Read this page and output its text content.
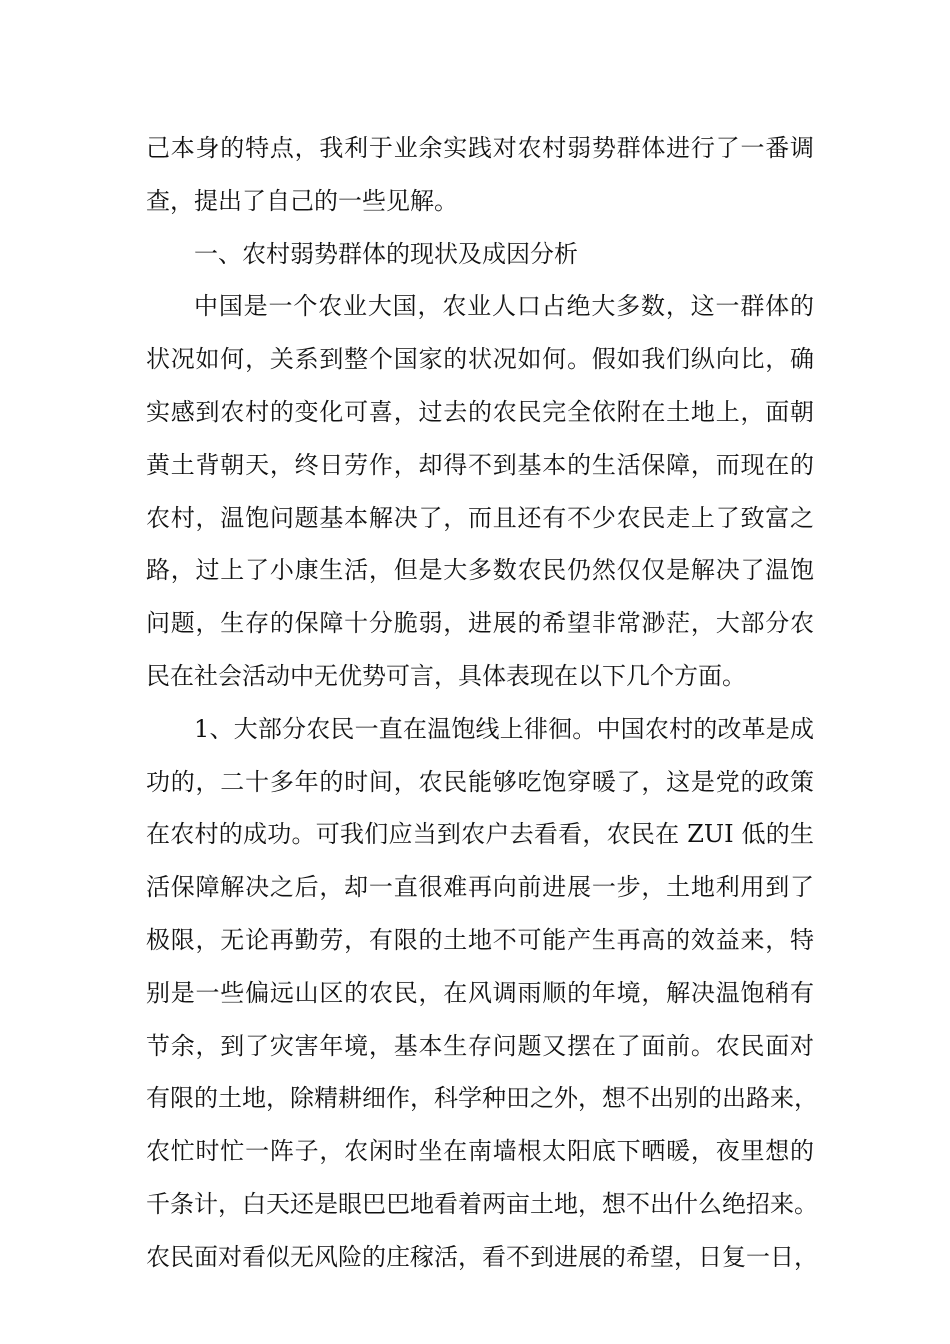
己本身的特点，我利于业余实践对农村弱势群体进行了一番调
查，提出了自己的一些见解。
一、农村弱势群体的现状及成因分析
中国是一个农业大国，农业人口占绝大多数，这一群体的
状况如何，关系到整个国家的状况如何。假如我们纵向比，确
实感到农村的变化可喜，过去的农民完全依附在土地上，面朝
黄土背朝天，终日劳作，却得不到基本的生活保障，而现在的
农村，温饱问题基本解决了，而且还有不少农民走上了致富之
路，过上了小康生活，但是大多数农民仍然仅仅是解决了温饱
问题，生存的保障十分脆弱，进展的希望非常渺茫，大部分农
民在社会活动中无优势可言，具体表现在以下几个方面。
1、大部分农民一直在温饱线上徘徊。中国农村的改革是成
功的，二十多年的时间，农民能够吃饱穿暖了，这是党的政策
在农村的成功。可我们应当到农户去看看，农民在 ZUI 低的生
活保障解决之后，却一直很难再向前进展一步，土地利用到了
极限，无论再勤劳，有限的土地不可能产生再高的效益来，特
别是一些偏远山区的农民，在风调雨顺的年境，解决温饱稍有
节余，到了灾害年境，基本生存问题又摆在了面前。农民面对
有限的土地，除精耕细作，科学种田之外，想不出别的出路来，
农忙时忙一阵子，农闲时坐在南墙根太阳底下晒暖，夜里想的
千条计，白天还是眼巴巴地看着两亩土地，想不出什么绝招来。
农民面对看似无风险的庄稼活，看不到进展的希望，日复一日，
